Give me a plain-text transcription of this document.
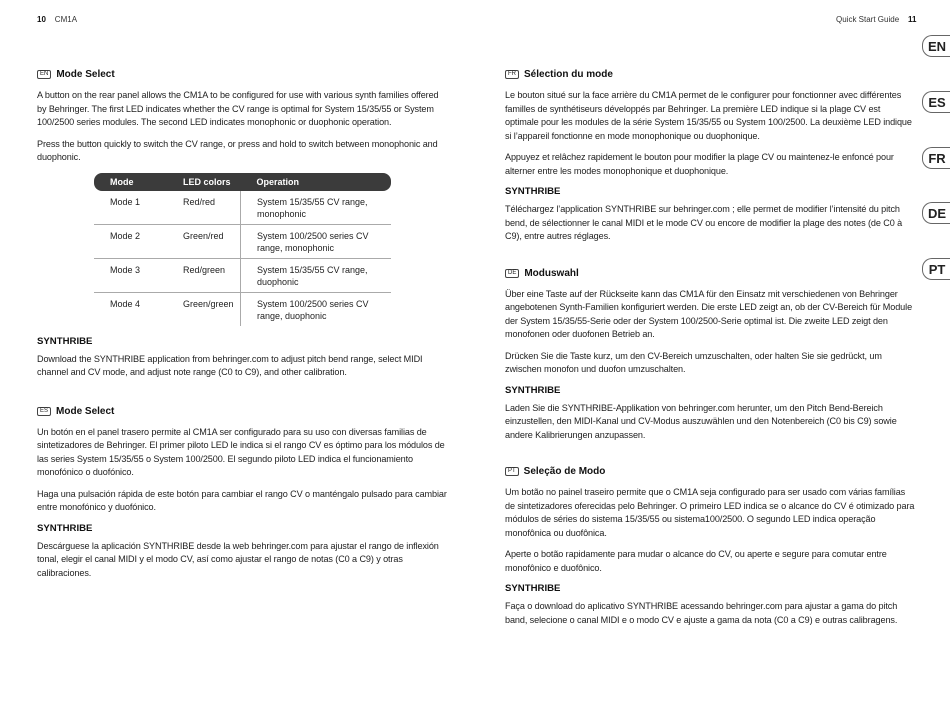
10 CM1A	Quick Start Guide 11
EN
ES
FR
DE
PT
EN Mode Select

A button on the rear panel allows the CM1A to be configured for use with various synth families offered by Behringer. The first LED indicates whether the CV range is optimal for System 15/35/55 or System 100/2500 series modules. The second LED indicates monophonic or duophonic operation.

Press the button quickly to switch the CV range, or press and hold to switch between monophonic and duophonic.

Mode	LED colors	Operation
Mode 1	Red/red	System 15/35/55 CV range, monophonic
Mode 2	Green/red	System 100/2500 series CV range, monophonic
Mode 3	Red/green	System 15/35/55 CV range, duophonic
Mode 4	Green/green	System 100/2500 series CV range, duophonic
SYNTHRIBE

Download the SYNTHRIBE application from behringer.com to adjust pitch bend range, select MIDI channel and CV mode, and adjust note range (C0 to C9), and other calibration.

ES Mode Select

Un botón en el panel trasero permite al CM1A ser configurado para su uso con diversas familias de sintetizadores de Behringer. El primer piloto LED le indica si el rango CV es óptimo para los módulos de las series System 15/35/55 o System 100/2500. El segundo piloto LED indica el funcionamiento monofónico o duofónico.

Haga una pulsación rápida de este botón para cambiar el rango CV o manténgalo pulsado para cambiar entre monofónico y duofónico.

SYNTHRIBE

Descárguese la aplicación SYNTHRIBE desde la web behringer.com para ajustar el rango de inflexión tonal, elegir el canal MIDI y el modo CV, así como ajustar el rango de notas (C0 a C9) y otras calibraciones.

FR Sélection du mode

Le bouton situé sur la face arrière du CM1A permet de le configurer pour fonctionner avec différentes familles de synthétiseurs développés par Behringer. La première LED indique si la plage CV est optimale pour les modules de la série System 15/35/55 ou System 100/2500. La deuxième LED indique si l’appareil fonctionne en mode monophonique ou duophonique.

Appuyez et relâchez rapidement le bouton pour modifier la plage CV ou maintenez-le enfoncé pour alterner entre les modes monophonique et duophonique.

SYNTHRIBE

Téléchargez l’application SYNTHRIBE sur behringer.com ; elle permet de modifier l’intensité du pitch bend, de sélectionner le canal MIDI et le mode CV ou encore de modifier la plage des notes (de C0 à C9), entre autres réglages.

DE Moduswahl

Über eine Taste auf der Rückseite kann das CM1A für den Einsatz mit verschiedenen von Behringer angebotenen Synth-Familien konfiguriert werden. Die erste LED zeigt an, ob der CV-Bereich für Module der System 15/35/55-Serie oder der System 100/2500-Serie optimal ist. Die zweite LED zeigt den monofonen oder duofonen Betrieb an.

Drücken Sie die Taste kurz, um den CV-Bereich umzuschalten, oder halten Sie sie gedrückt, um zwischen monofon und duofon umzuschalten.

SYNTHRIBE

Laden Sie die SYNTHRIBE-Applikation von behringer.com herunter, um den Pitch Bend-Bereich einzustellen, den MIDI-Kanal und CV-Modus auszuwählen und den Notenbereich (C0 bis C9) sowie andere Kalibrierungen anzupassen.

PT Seleção de Modo

Um botão no painel traseiro permite que o CM1A seja configurado para ser usado com várias famílias de sintetizadores oferecidas pelo Behringer. O primeiro LED indica se o alcance do CV é otimizado para módulos de séries do sistema 15/35/55 ou sistema100/2500. O segundo LED indica operação monofônica ou duofônica.

Aperte o botão rapidamente para mudar o alcance do CV, ou aperte e segure para comutar entre monofônico e duofônico.

SYNTHRIBE

Faça o download do aplicativo SYNTHRIBE acessando behringer.com para ajustar a gama do pitch band, selecione o canal MIDI e o modo CV e ajuste a gama da nota (C0 a C9) e outras calibragens.
